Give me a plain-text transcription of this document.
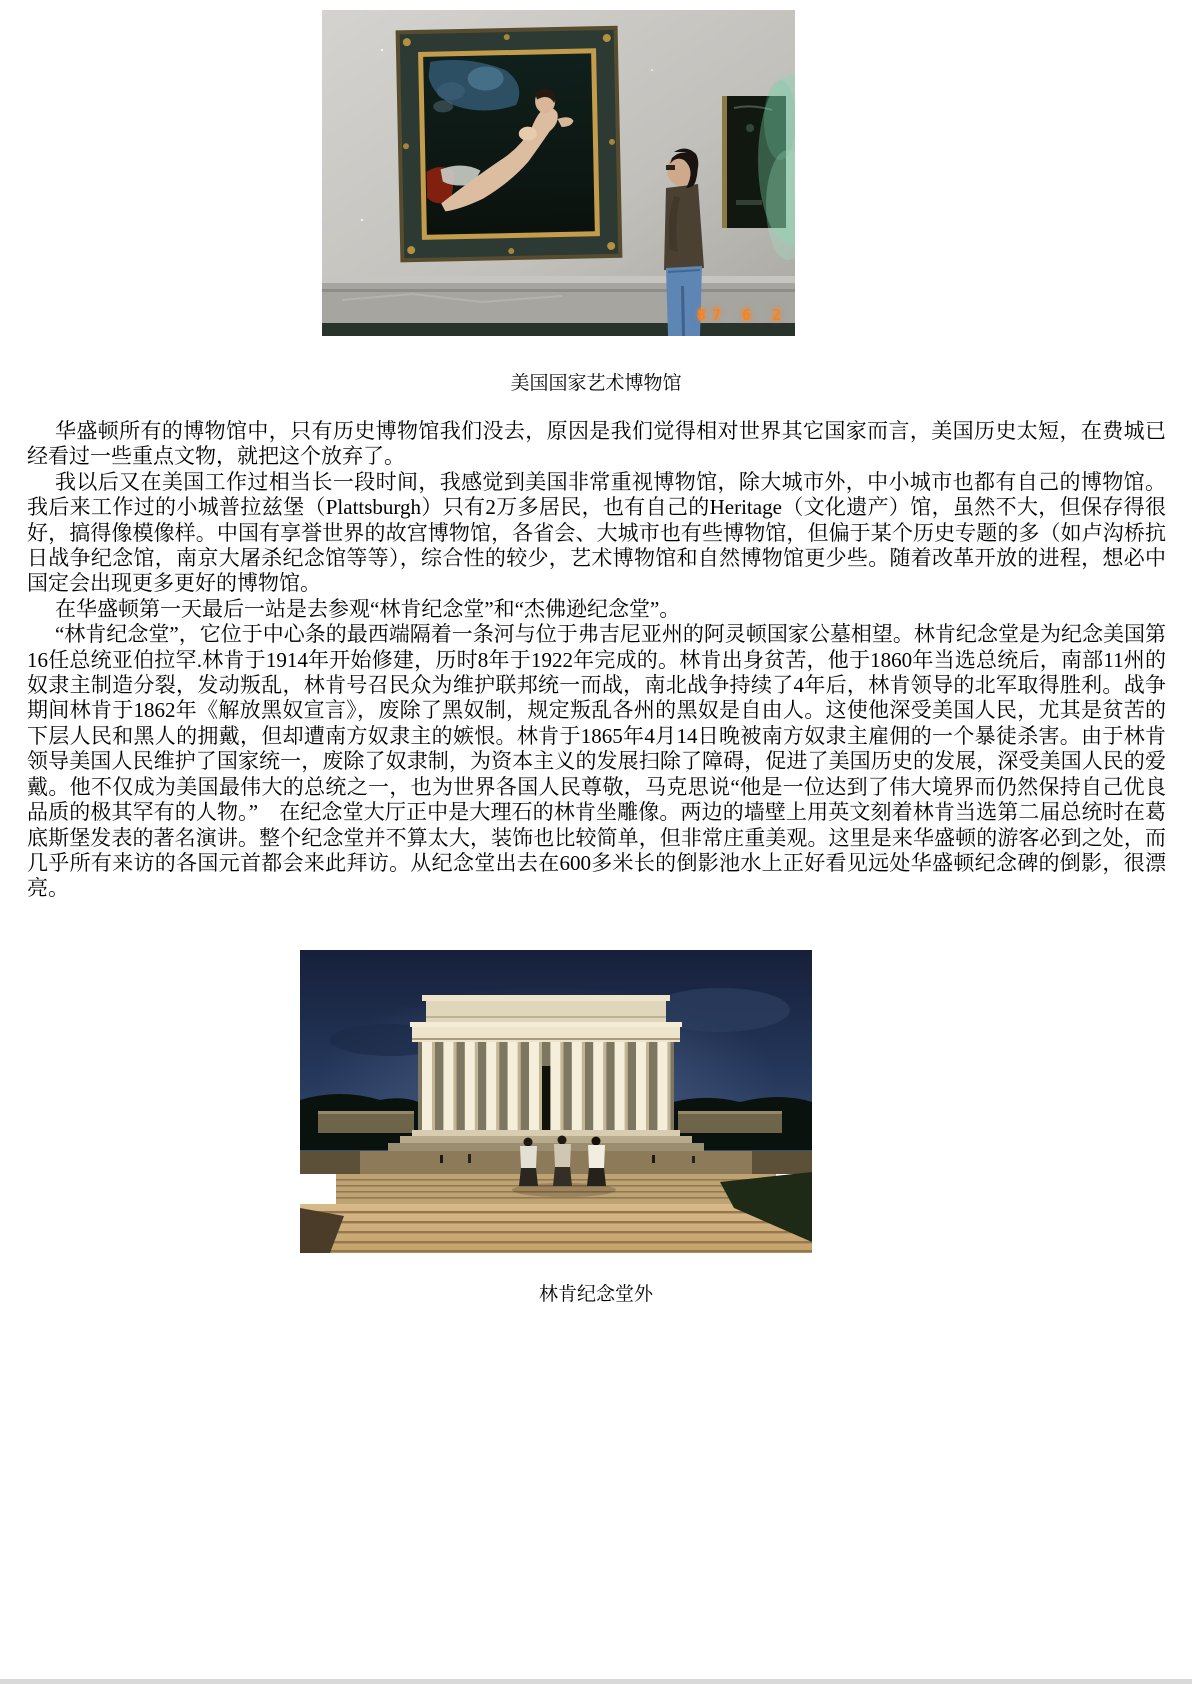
87 6 2
美国国家艺术博物馆

华盛顿所有的博物馆中，只有历史博物馆我们没去，原因是我们觉得相对世界其它国家而言，美国历史太短，在费城已经看过一些重点文物，就把这个放弃了。

我以后又在美国工作过相当长一段时间，我感觉到美国非常重视博物馆，除大城市外，中小城市也都有自己的博物馆。我后来工作过的小城普拉兹堡（Plattsburgh）只有2万多居民，也有自己的Heritage（文化遗产）馆，虽然不大，但保存得很好，搞得像模像样。中国有享誉世界的故宫博物馆，各省会、大城市也有些博物馆，但偏于某个历史专题的多（如卢沟桥抗日战争纪念馆，南京大屠杀纪念馆等等），综合性的较少，艺术博物馆和自然博物馆更少些。随着改革开放的进程，想必中国定会出现更多更好的博物馆。

在华盛顿第一天最后一站是去参观“林肯纪念堂”和“杰佛逊纪念堂”。

“林肯纪念堂”，它位于中心条的最西端隔着一条河与位于弗吉尼亚州的阿灵顿国家公墓相望。林肯纪念堂是为纪念美国第16任总统亚伯拉罕.林肯于1914年开始修建，历时8年于1922年完成的。林肯出身贫苦，他于1860年当选总统后，南部11州的奴隶主制造分裂，发动叛乱，林肯号召民众为维护联邦统一而战，南北战争持续了4年后，林肯领导的北军取得胜利。战争期间林肯于1862年《解放黑奴宣言》，废除了黑奴制，规定叛乱各州的黑奴是自由人。这使他深受美国人民，尤其是贫苦的下层人民和黑人的拥戴，但却遭南方奴隶主的嫉恨。林肯于1865年4月14日晚被南方奴隶主雇佣的一个暴徒杀害。由于林肯领导美国人民维护了国家统一，废除了奴隶制，为资本主义的发展扫除了障碍，促进了美国历史的发展，深受美国人民的爱戴。他不仅成为美国最伟大的总统之一，也为世界各国人民尊敬，马克思说“他是一位达到了伟大境界而仍然保持自己优良品质的极其罕有的人物。”　在纪念堂大厅正中是大理石的林肯坐雕像。两边的墙壁上用英文刻着林肯当选第二届总统时在葛底斯堡发表的著名演讲。整个纪念堂并不算太大，装饰也比较简单，但非常庄重美观。这里是来华盛顿的游客必到之处，而几乎所有来访的各国元首都会来此拜访。从纪念堂出去在600多米长的倒影池水上正好看见远处华盛顿纪念碑的倒影，很漂亮。

林肯纪念堂外
